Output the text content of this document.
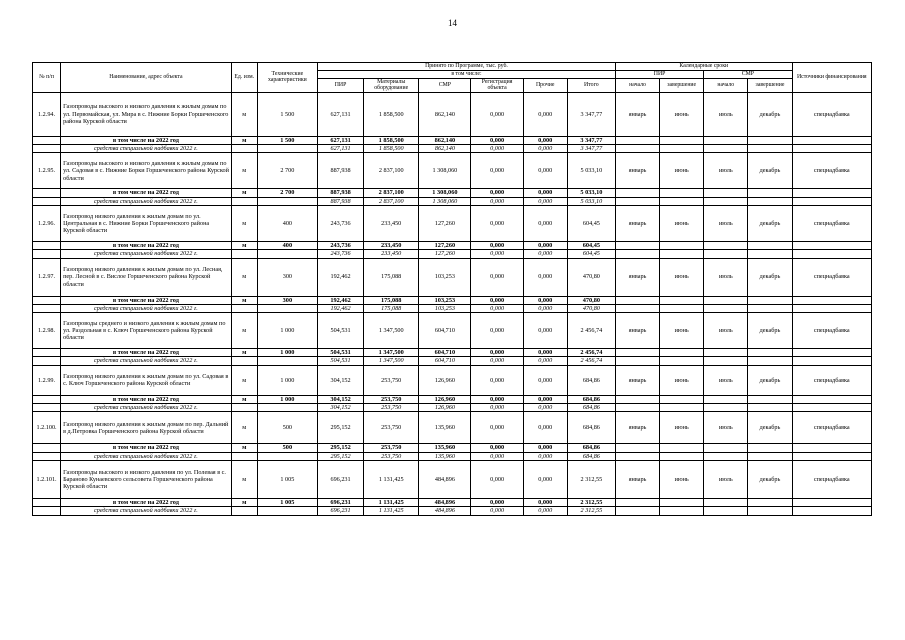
14
№ п/п	Наименование, адрес объекта	Ед. изм.	Технические характеристики	Принято по Программе, тыс. руб.						Календарные сроки				Источники финансирования
				в том числе:						ПИР		СМР		
				ПИР	Материалы оборудование	СМР	Регистрация объекта	Прочие	Итого	начало	завершение	начало	завершение	
1.2.94.	Газопроводы высокого и низкого давления к жилым домам по ул. Первомайская, ул. Мира в с. Нижние Борки Горшеченского района Курской области	м	1 500	627,131	1 858,500	862,140	0,000	0,000	3 347,77	январь	июнь	июль	декабрь	спецнадбавка
	в том числе на 2022 год	м	1 500	627,131	1 858,500	862,140	0,000	0,000	3 347,77					
	средства специальной надбавки 2022 г.			627,131	1 858,500	862,140	0,000	0,000	3 347,77					
1.2.95.	Газопроводы высокого и низкого давления к жилым домам по ул. Садовая в с. Нижние Борки Горшеченского района Курской области	м	2 700	887,938	2 837,100	1 308,060	0,000	0,000	5 033,10	январь	июнь	июль	декабрь	спецнадбавка
	в том числе на 2022 год	м	2 700	887,938	2 837,100	1 308,060	0,000	0,000	5 033,10					
	средства специальной надбавки 2022 г.			887,938	2 837,100	1 308,060	0,000	0,000	5 033,10					
1.2.96.	Газопровод низкого давления к жилым домам по ул. Центральная в с. Нижние Борки Горшеченского района Курской области	м	400	243,736	233,450	127,260	0,000	0,000	604,45	январь	июнь	июль	декабрь	спецнадбавка
	в том числе на 2022 год	м	400	243,736	233,450	127,260	0,000	0,000	604,45					
	средства специальной надбавки 2022 г.			243,736	233,450	127,260	0,000	0,000	604,45					
1.2.97.	Газопровод низкого давления к жилым домам по ул. Лесная, пер. Лесной в с. Вислое Горшеченского района Курской области	м	300	192,462	175,088	103,253	0,000	0,000	470,80	январь	июнь	июль	декабрь	спецнадбавка
	в том числе на 2022 год	м	300	192,462	175,088	103,253	0,000	0,000	470,80					
	средства специальной надбавки 2022 г.			192,462	175,088	103,253	0,000	0,000	470,80					
1.2.98.	Газопроводы среднего и низкого давления к жилым домам по ул. Раздольная в с. Ключ Горшеченского района Курской области	м	1 000	504,531	1 347,500	604,710	0,000	0,000	2 456,74	январь	июнь	июль	декабрь	спецнадбавка
	в том числе на 2022 год	м	1 000	504,531	1 347,500	604,710	0,000	0,000	2 456,74					
	средства специальной надбавки 2022 г.			504,531	1 347,500	604,710	0,000	0,000	2 456,74					
1.2.99.	Газопровод низкого давления к жилым домам по ул. Садовая в с. Ключ Горшеченского района Курской области	м	1 000	304,152	253,750	126,960	0,000	0,000	684,86	январь	июнь	июль	декабрь	спецнадбавка
	в том числе на 2022 год	м	1 000	304,152	253,750	126,960	0,000	0,000	684,86					
	средства специальной надбавки 2022 г.			304,152	253,750	126,960	0,000	0,000	684,86					
1.2.100.	Газопровод низкого давления к жилым домам по пер. Дальний в д.Петровка Горшеченского района Курской области	м	500	295,152	253,750	135,960	0,000	0,000	684,86	январь	июнь	июль	декабрь	спецнадбавка
	в том числе на 2022 год	м	500	295,152	253,750	135,960	0,000	0,000	684,86					
	средства специальной надбавки 2022 г.			295,152	253,750	135,960	0,000	0,000	684,86					
1.2.101.	Газопроводы высокого и низкого давления по ул. Полевая в с. Бараново Кунаевского сельсовета Горшеченского района Курской области	м	1 005	696,231	1 131,425	484,896	0,000	0,000	2 312,55	январь	июнь	июль	декабрь	спецнадбавка
	в том числе на 2022 год	м	1 005	696,231	1 131,425	484,896	0,000	0,000	2 312,55					
	средства специальной надбавки 2022 г.			696,231	1 131,425	484,896	0,000	0,000	2 312,55					
